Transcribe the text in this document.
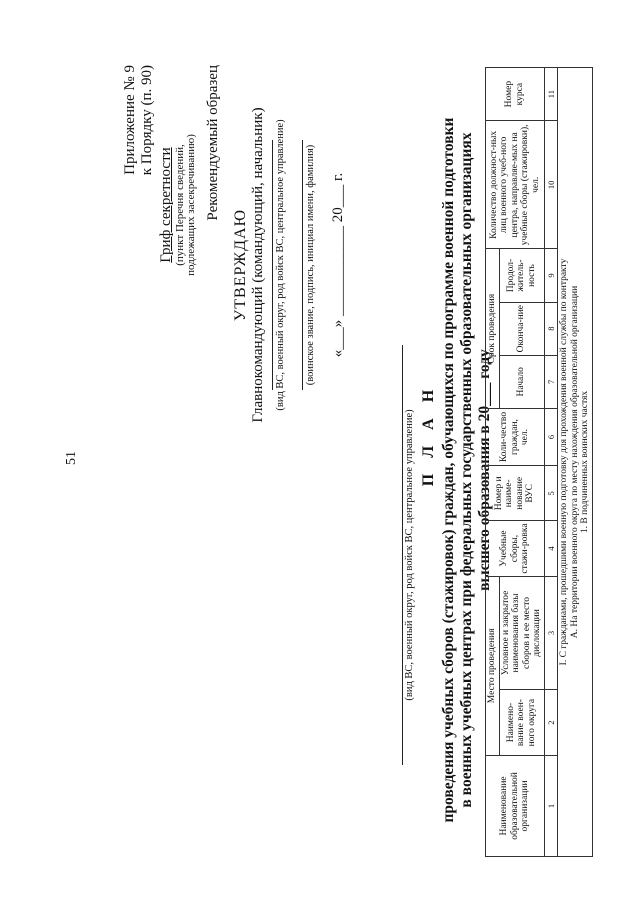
51
Приложение № 9 к Порядку (п. 90)
Гриф секретности (пункт Перечня сведений, подлежащих засекречиванию) Рекомендуемый образец
УТВЕРЖДАЮ Главнокомандующий (командующий, начальник) (вид ВС, военный округ, род войск ВС, центральное управление) (воинское звание, подпись, инициал имени, фамилия) «___» ____________ 20___ г.
(вид ВС, военный округ, род войск ВС, центральное управление) П Л А Н проведения учебных сборов (стажировок) граждан, обучающихся по программе военной подготовки в военных учебных центрах при федеральных государственных образовательных организациях высшего образования в 20___ году
Наименование образовательной организации	Место проведения		Учебные сборы, стажи-ровка	Номер и наиме-нование ВУС	Коли-чество граждан, чел.	Срок проведения			Количество должност-ных лиц военного учеб-ного центра, направляе-мых на учебные сборы (стажировки), чел.	Номер курса
	Наимено-вание воен-ного округа	Условное и закрытое наименования базы сборов и ее место дислокации				Начало	Оконча-ние	Продол-житель-ность		
1	2	3	4	5	6	7	8	9	10	11

I. С гражданами, прошедшими военную подготовку для прохождения военной службы по контракту А. На территории военного округа по месту нахождения образовательной организации 1. В подчиненных воинских частях										
